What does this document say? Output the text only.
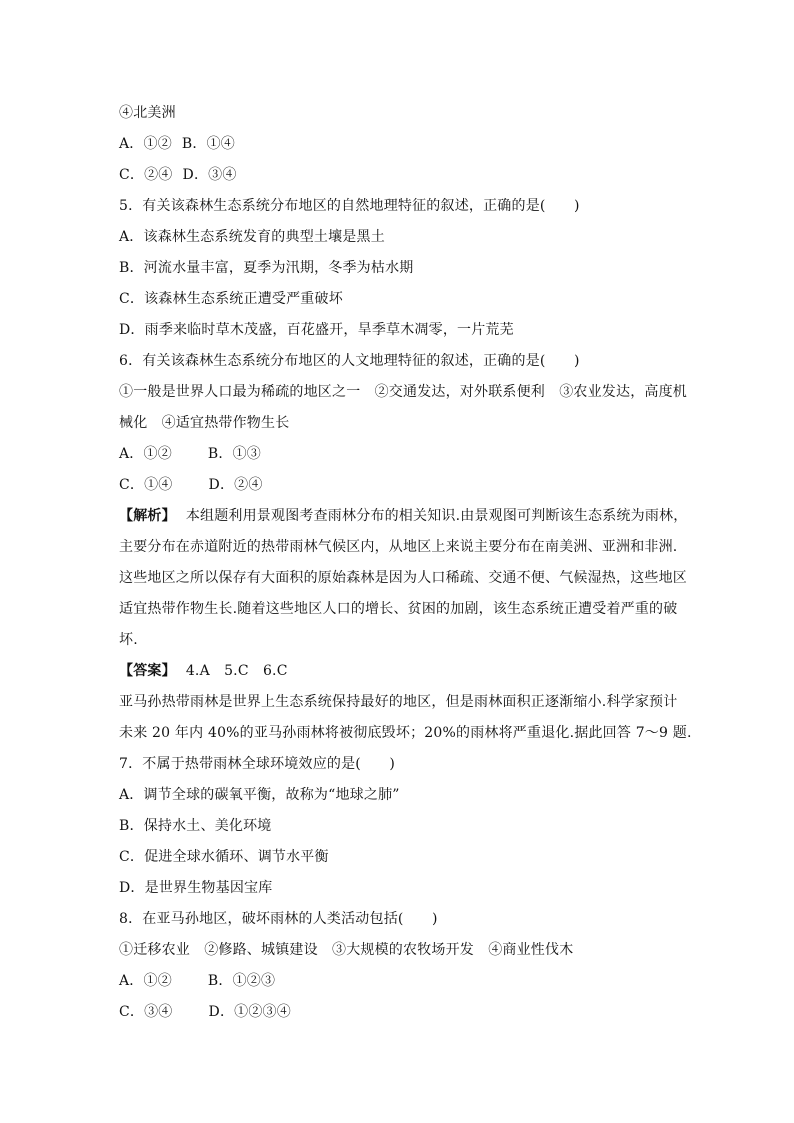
④北美洲
A．①② B．①④
C．②④ D．③④
5．有关该森林生态系统分布地区的自然地理特征的叙述，正确的是(　　)
A．该森林生态系统发育的典型土壤是黑土
B．河流水量丰富，夏季为汛期，冬季为枯水期
C．该森林生态系统正遭受严重破坏
D．雨季来临时草木茂盛，百花盛开，旱季草木凋零，一片荒芜
6．有关该森林生态系统分布地区的人文地理特征的叙述，正确的是(　　)
①一般是世界人口最为稀疏的地区之一　②交通发达，对外联系便利　③农业发达，高度机
械化　④适宜热带作物生长
A．①②	B．①③
C．①④	D．②④
【解析】 本组题利用景观图考查雨林分布的相关知识.由景观图可判断该生态系统为雨林，
主要分布在赤道附近的热带雨林气候区内，从地区上来说主要分布在南美洲、亚洲和非洲.
这些地区之所以保存有大面积的原始森林是因为人口稀疏、交通不便、气候湿热，这些地区
适宜热带作物生长.随着这些地区人口的增长、贫困的加剧，该生态系统正遭受着严重的破
坏.
【答案】 4.A　5.C　6.C
亚马孙热带雨林是世界上生态系统保持最好的地区，但是雨林面积正逐渐缩小.科学家预计
未来 20 年内 40%的亚马孙雨林将被彻底毁坏；20%的雨林将严重退化.据此回答 7～9 题.
7．不属于热带雨林全球环境效应的是(　　)
A．调节全球的碳氧平衡，故称为“地球之肺”
B．保持水土、美化环境
C．促进全球水循环、调节水平衡
D．是世界生物基因宝库
8．在亚马孙地区，破坏雨林的人类活动包括(　　)
①迁移农业　②修路、城镇建设　③大规模的农牧场开发　④商业性伐木
A．①②	B．①②③
C．③④	D．①②③④
